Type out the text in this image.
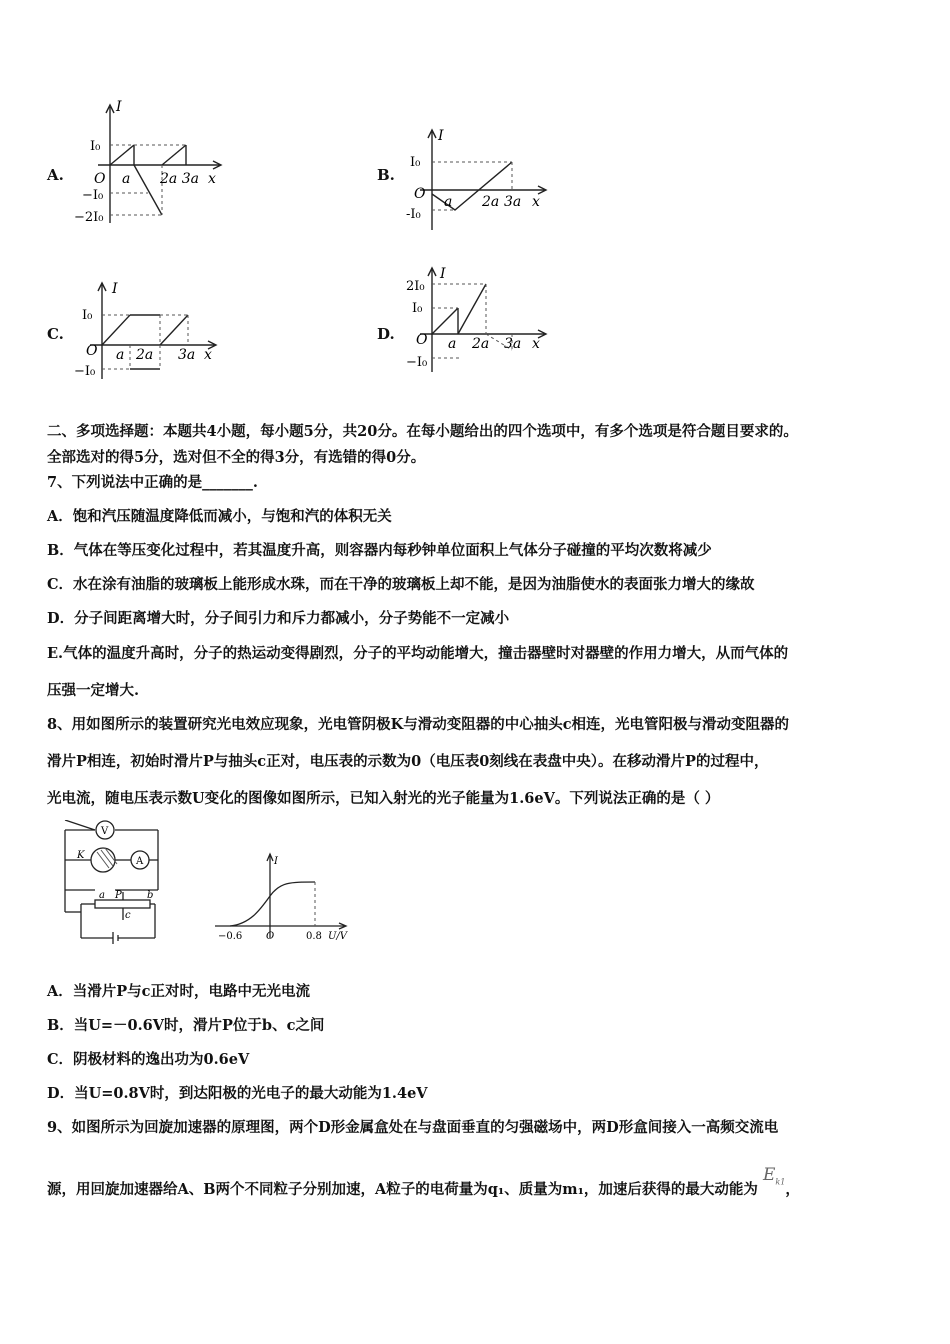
A.
I
I₀
O a 2a 3a x
−I₀
−2I₀
B.
I
I₀
O a 2a 3a x
-I₀
C.
I
I₀
O a 2a 3a x
−I₀
D.
I
2I₀
I₀
O a 2a 3a x
−I₀
二、多项选择题：本题共4小题，每小题5分，共20分。在每小题给出的四个选项中，有多个选项是符合题目要求的。
全部选对的得5分，选对但不全的得3分，有选错的得0分。
7、下列说法中正确的是_______.
A．饱和汽压随温度降低而减小，与饱和汽的体积无关
B．气体在等压变化过程中，若其温度升高，则容器内每秒钟单位面积上气体分子碰撞的平均次数将减少
C．水在涂有油脂的玻璃板上能形成水珠，而在干净的玻璃板上却不能，是因为油脂使水的表面张力增大的缘故
D．分子间距离增大时，分子间引力和斥力都减小，分子势能不一定减小
E.气体的温度升高时，分子的热运动变得剧烈，分子的平均动能增大，撞击器壁时对器壁的作用力增大，从而气体的
压强一定增大.
8、用如图所示的装置研究光电效应现象，光电管阴极K与滑动变阻器的中心抽头c相连，光电管阳极与滑动变阻器的
滑片P相连，初始时滑片P与抽头c正对，电压表的示数为0（电压表0刻线在表盘中央）。在移动滑片P的过程中，
光电流，随电压表示数U变化的图像如图所示，已知入射光的光子能量为1.6eV。下列说法正确的是（ ）
V
A
K
a P	b
c
I
O
−0.6	0.8 U/V
A．当滑片P与c正对时，电路中无光电流
B．当U=－0.6V时，滑片P位于b、c之间
C．阴极材料的逸出功为0.6eV
D．当U=0.8V时，到达阳极的光电子的最大动能为1.4eV
9、如图所示为回旋加速器的原理图，两个D形金属盒处在与盘面垂直的匀强磁场中，两D形盒间接入一高频交流电
源，用回旋加速器给A、B两个不同粒子分别加速，A粒子的电荷量为q₁、质量为m₁，加速后获得的最大动能为 $E_{k1}$，
